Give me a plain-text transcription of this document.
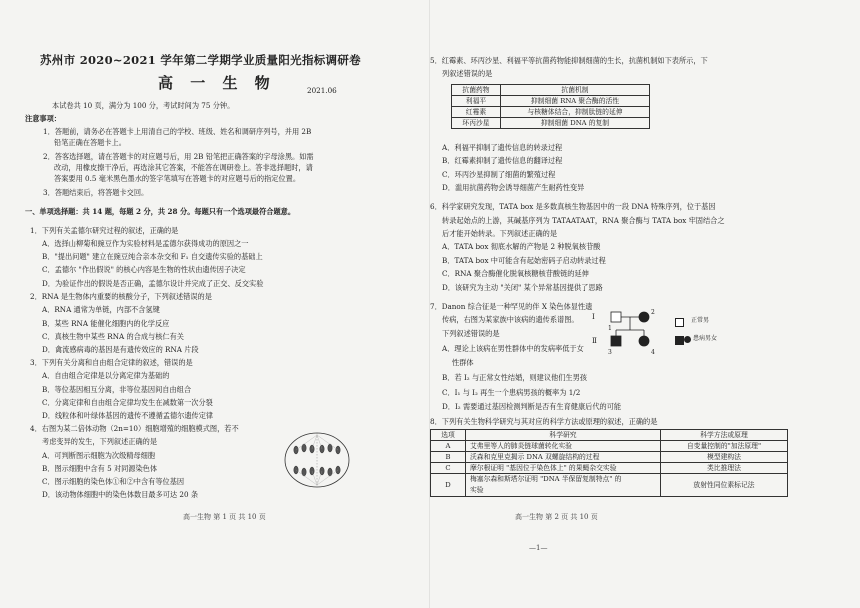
苏州市 2020~2021 学年第二学期学业质量阳光指标调研卷
高 一 生 物	2021.06
本试卷共 10 页，满分为 100 分，考试时间为 75 分钟。
注意事项：
1．答题前，请务必在答题卡上用清自己的学校、班级、姓名和调研序列号，并用 2B
铅笔正确在答题卡上。
2．答客选择题，请在答题卡的对应题号后，用 2B 铅笔把正确答案的字母涂黑。如需
改动，用橡皮擦干净后，再选涂其它答案，不能答在调研卷上。答非选择题时，请
答案要用 0.5 毫米黑色墨水的签字笔填写在答题卡的对应题号后的指定位置。
3．答题结束后，将答题卡交回。
一、单项选择题：共 14 题，每题 2 分，共 28 分。每题只有一个选项最符合题意。
1．下列有关孟德尔研究过程的叙述，正确的是
A．选择山柳菊和豌豆作为实验材料是孟德尔获得成功的原因之一
B．"提出问题" 建立在豌豆纯合亲本杂交和 F₁ 自交遗传实验的基础上
C．孟德尔 "作出假说" 的核心内容是生物的性状由遗传因子决定
D．为验证作出的假说是否正确，孟德尔设计并完成了正交、反交实验
2．RNA 是生物体内重要的核酸分子，下列叙述错误的是
A．RNA 通常为单链，内部不含氢键
B．某些 RNA 能催化细胞内的化学反应
C．真核生物中某些 RNA 的合成与核仁有关
D．禽流感病毒的基因是有遗传效应的 RNA 片段
3．下列有关分离和自由组合定律的叙述，错误的是
A．自由组合定律是以分离定律为基础的
B．等位基因相互分离，非等位基因间自由组合
C．分离定律和自由组合定律均发生在减数第一次分裂
D．线粒体和叶绿体基因的遗传不遵循孟德尔遗传定律
4．右图为某二倍体动物（2n=10）细胞增殖的细胞模式图，若不
考虑变异的发生，下列叙述正确的是
A．可判断图示细胞为次级精母细胞
B．图示细胞中含有 5 对同源染色体
C．图示细胞的染色体①和②中含有等位基因
D．该动物体细胞中的染色体数目最多可达 20 条
高一生物 第 1 页 共 10 页
5．红霉素、环丙沙星、利福平等抗菌药物能抑制细菌的生长，抗菌机制如下表所示，下
列叙述错误的是
抗菌药物	抗菌机制
利福平	抑制细菌 RNA 聚合酶的活性
红霉素	与核糖体结合，抑制肽链的延伸
环丙沙星	抑制细菌 DNA 的复制
A．利福平抑制了遗传信息的转录过程
B．红霉素抑制了遗传信息的翻译过程
C．环丙沙星抑制了细菌的繁殖过程
D．滥用抗菌药物会诱导细菌产生耐药性变异
6．科学家研究发现，TATA box 是多数真核生物基因中的一段 DNA 特殊序列，位于基因
转录起始点的上游，其碱基序列为 TATAATAAT，RNA 聚合酶与 TATA box 牢固结合之
后才能开始转录。下列叙述正确的是
A．TATA box 彻底水解的产物是 2 种脱氧核苷酸
B．TATA box 中可能含有起始密码子启动转录过程
C．RNA 聚合酶催化脱氧核糖核苷酸链的延伸
D．该研究为主动 "关闭" 某个异常基因提供了思路
7．Danon 综合征是一种罕见的伴 X 染色体显性遗
传病，右图为某家族中该病的遗传系谱图。
下列叙述错误的是
A．理论上该病在男性群体中的发病率低于女
性群体
B．若 Ⅰ₂ 与正常女性结婚，则建议他们生男孩
C．Ⅰ₁ 与 Ⅰ₂ 再生一个患病男孩的概率为 1/2
D．Ⅰ₂ 需要通过基因检测判断是否有生育健康后代的可能
Ⅰ
Ⅱ
1
2
3	4
正常男
患病男女
8．下列有关生物科学研究与其对应的科学方法或原理的叙述，正确的是
选项	科学研究	科学方法或原理
A	艾弗里等人的肺炎链球菌转化实验	自变量控制的"加法原理"
B	沃森和克里克揭示 DNA 双螺旋结构的过程	模型建构法
C	摩尔根证明 "基因位于染色体上" 的果蝇杂交实验	类比推理法
D	梅塞尔森和斯塔尔证明 "DNA 半保留复制特点" 的
实验	放射性同位素标记法
高一生物 第 2 页 共 10 页
—1—
